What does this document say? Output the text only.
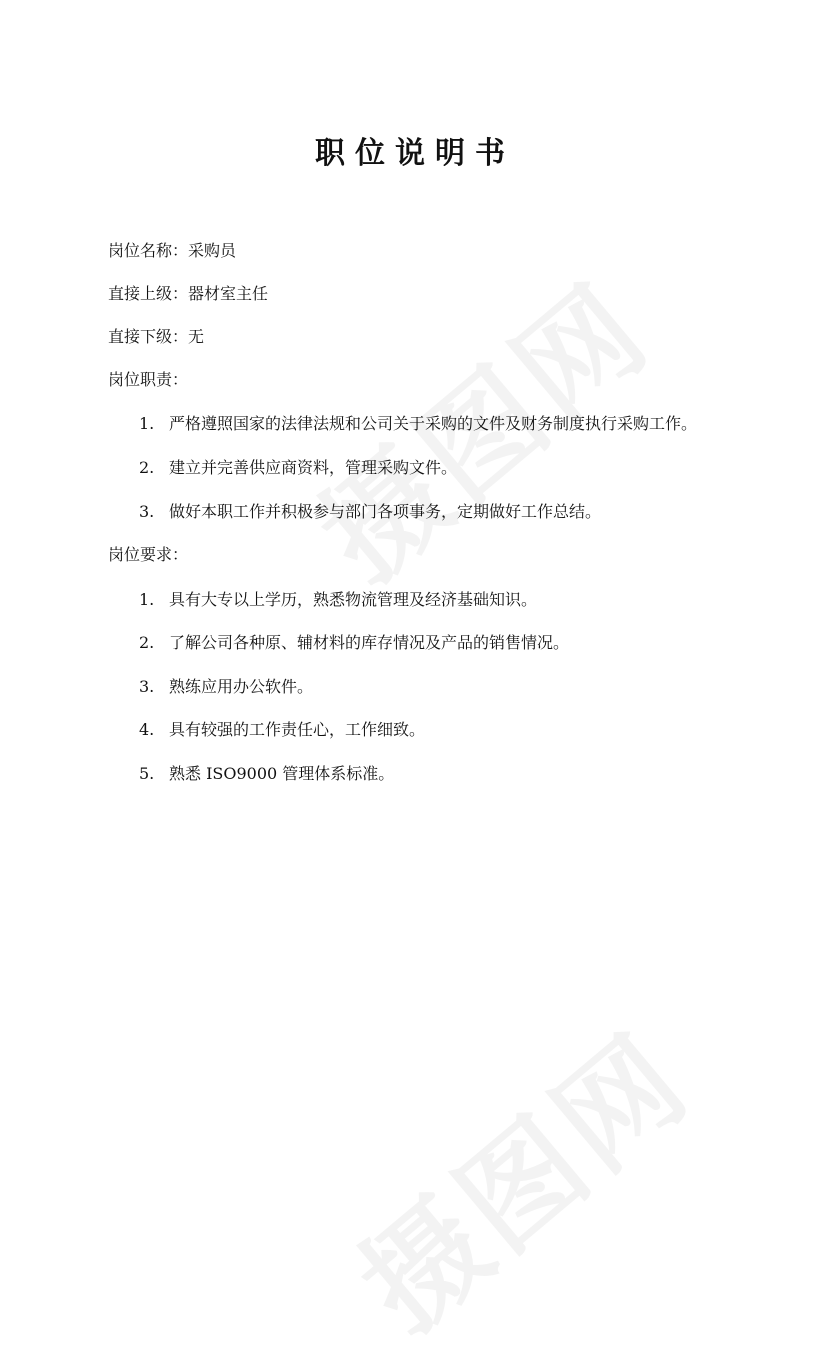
职位说明书
岗位名称：采购员
直接上级：器材室主任
直接下级：无
岗位职责：
1. 严格遵照国家的法律法规和公司关于采购的文件及财务制度执行采购工作。
2. 建立并完善供应商资料，管理采购文件。
3. 做好本职工作并积极参与部门各项事务，定期做好工作总结。
岗位要求：
1. 具有大专以上学历，熟悉物流管理及经济基础知识。
2. 了解公司各种原、辅材料的库存情况及产品的销售情况。
3. 熟练应用办公软件。
4. 具有较强的工作责任心，工作细致。
5. 熟悉 ISO9000 管理体系标准。
